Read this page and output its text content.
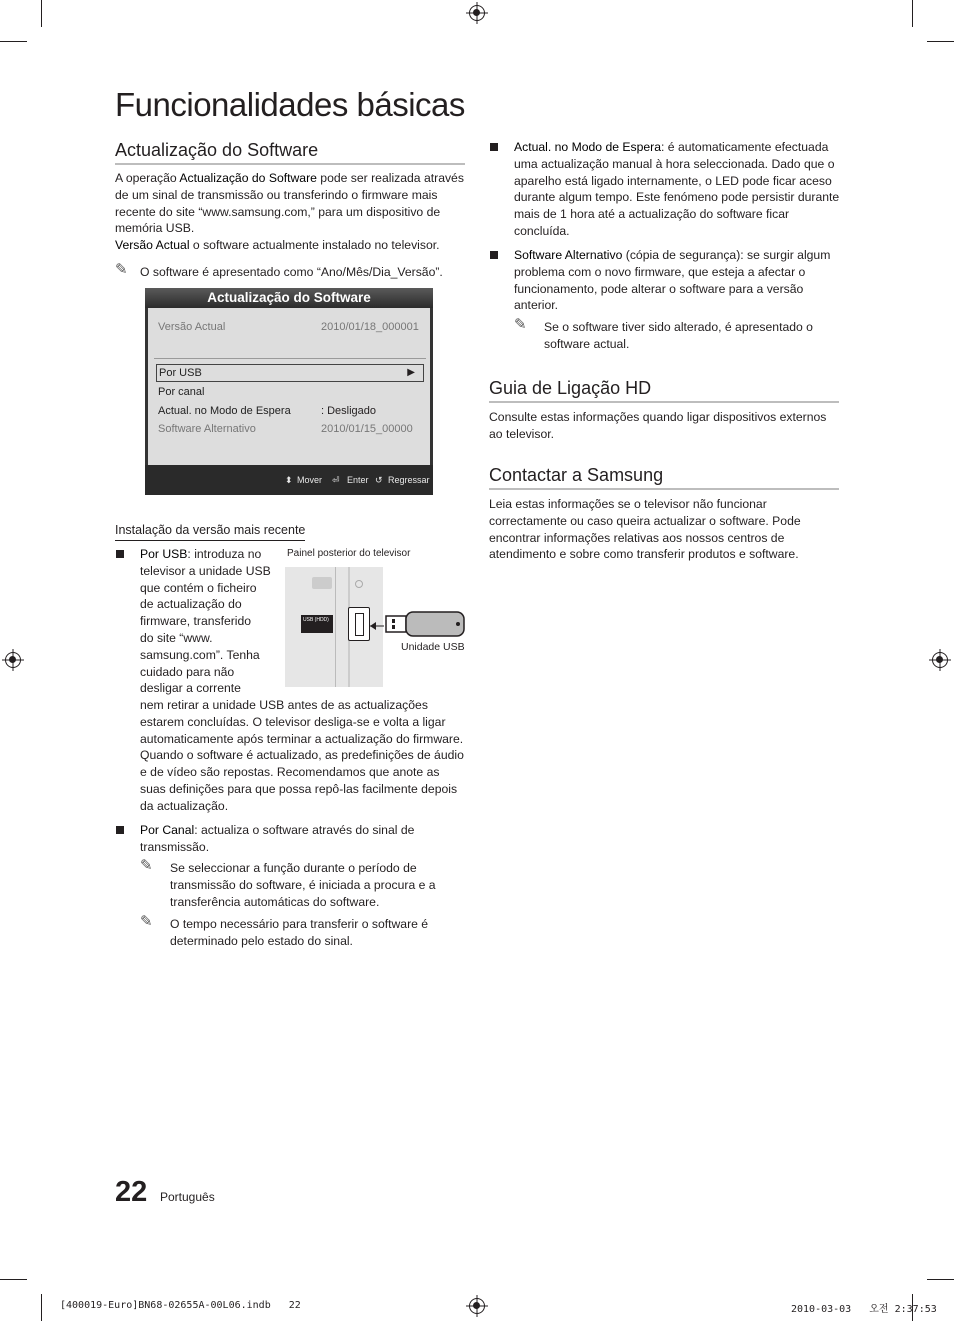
Funcionalidades básicas
Actualização do Software

A operação Actualização do Software pode ser realizada através de um sinal de transmissão ou transferindo o firmware mais recente do site “www.samsung.com,” para um dispositivo de memória USB.

Versão Actual o software actualmente instalado no televisor.

✎ O software é apresentado como “Ano/Mês/Dia_Versão”.
Actualização do Software
Versão Actual	2010/01/18_000001
Por USB	▶
Por canal
Actual. no Modo de Espera	: Desligado
Software Alternativo	2010/01/15_00000
⬍ Mover ⏎ Enter ↺ Regressar
Instalação da versão mais recente
Por USB: introduza no
televisor a unidade USB
que contém o ficheiro
de actualização do
firmware, transferido
do site “www.
samsung.com”. Tenha
cuidado para não
desligar a corrente
Painel posterior do televisor
USB (HDD)
Unidade USB
nem retirar a unidade USB antes de as actualizações
estarem concluídas. O televisor desliga-se e volta a ligar
automaticamente após terminar a actualização do firmware.
Quando o software é actualizado, as predefinições de áudio
e de vídeo são repostas. Recomendamos que anote as
suas definições para que possa repô-las facilmente depois
da actualização.
Por Canal: actualiza o software através do sinal de transmissão.
✎ Se seleccionar a função durante o período de transmissão do software, é iniciada a procura e a transferência automáticas do software.
✎ O tempo necessário para transferir o software é determinado pelo estado do sinal.
Actual. no Modo de Espera: é automaticamente efectuada uma actualização manual à hora seleccionada. Dado que o aparelho está ligado internamente, o LED pode ficar aceso durante algum tempo. Este fenómeno pode persistir durante mais de 1 hora até a actualização do software ficar concluída.
Software Alternativo (cópia de segurança): se surgir algum problema com o novo firmware, que esteja a afectar o funcionamento, pode alterar o software para a versão anterior.
✎ Se o software tiver sido alterado, é apresentado o software actual.
Guia de Ligação HD
Consulte estas informações quando ligar dispositivos externos ao televisor.
Contactar a Samsung
Leia estas informações se o televisor não funcionar correctamente ou caso queira actualizar o software. Pode encontrar informações relativas aos nossos centros de atendimento e sobre como transferir produtos e software.
22 Português
[400019-Euro]BN68-02655A-00L06.indb   22	2010-03-03   오전 2:37:53
